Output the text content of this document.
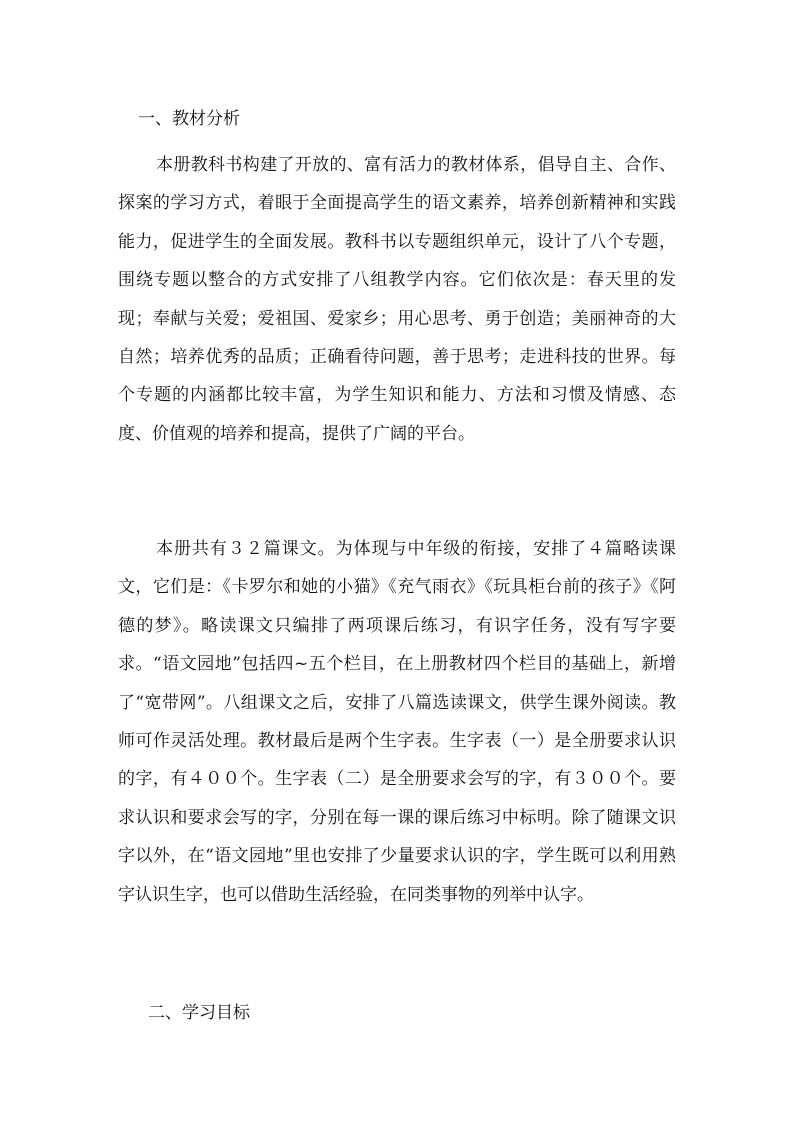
一、教材分析

本册教科书构建了开放的、富有活力的教材体系，倡导自主、合作、探案的学习方式，着眼于全面提高学生的语文素养，培养创新精神和实践能力，促进学生的全面发展。教科书以专题组织单元，设计了八个专题，围绕专题以整合的方式安排了八组教学内容。它们依次是：春天里的发现；奉献与关爱；爱祖国、爱家乡；用心思考、勇于创造；美丽神奇的大自然；培养优秀的品质；正确看待问题，善于思考；走进科技的世界。每个专题的内涵都比较丰富，为学生知识和能力、方法和习惯及情感、态度、价值观的培养和提高，提供了广阔的平台。

本册共有３２篇课文。为体现与中年级的衔接，安排了４篇略读课文，它们是：《卡罗尔和她的小猫》《充气雨衣》《玩具柜台前的孩子》《阿德的梦》。略读课文只编排了两项课后练习，有识字任务，没有写字要求。“语文园地”包括四~五个栏目，在上册教材四个栏目的基础上，新增了“宽带网”。八组课文之后，安排了八篇选读课文，供学生课外阅读。教师可作灵活处理。教材最后是两个生字表。生字表（一）是全册要求认识的字，有４００个。生字表（二）是全册要求会写的字，有３００个。要求认识和要求会写的字，分别在每一课的课后练习中标明。除了随课文识字以外，在“语文园地”里也安排了少量要求认识的字，学生既可以利用熟字认识生字，也可以借助生活经验，在同类事物的列举中认字。

二、学习目标
